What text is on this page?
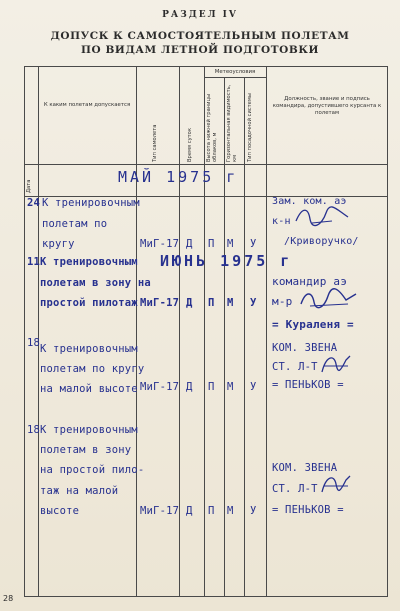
РАЗДЕЛ IV
ДОПУСК К САМОСТОЯТЕЛЬНЫМ ПОЛЕТАМ
ПО ВИДАМ ЛЕТНОЙ ПОДГОТОВКИ
Дата
К каким полетам допускается
Тип самолета	Время суток
Метеоусловия
Высота нижней границы облаков, м	Горизонтальная видимость, км	Тип посадочной системы	Должность, звание и подпись командира, допустившего курсанта к полетам
МАЙ 1975 г
ИЮНЬ 1975 г
24 К тренировочным
полетам по
кругу	МиГ-17 Д П М У
Зам. ком. аэ
к-н
/Криворучко/
11 К тренировочным
полетам в зону на
простой пилотаж МиГ-17 Д П М У
командир аэ
м-р
= Кураленя =
18 К тренировочным
полетам по кругу
на малой высоте МиГ-17 Д П М У
КОМ. ЗВЕНА
СТ. Л-Т
= ПЕНЬКОВ =
18 К тренировочным
полетам в зону
на простой пило-
таж на малой
высоте	МиГ-17 Д П М У
КОМ. ЗВЕНА
СТ. Л-Т
= ПЕНЬКОВ =
28
